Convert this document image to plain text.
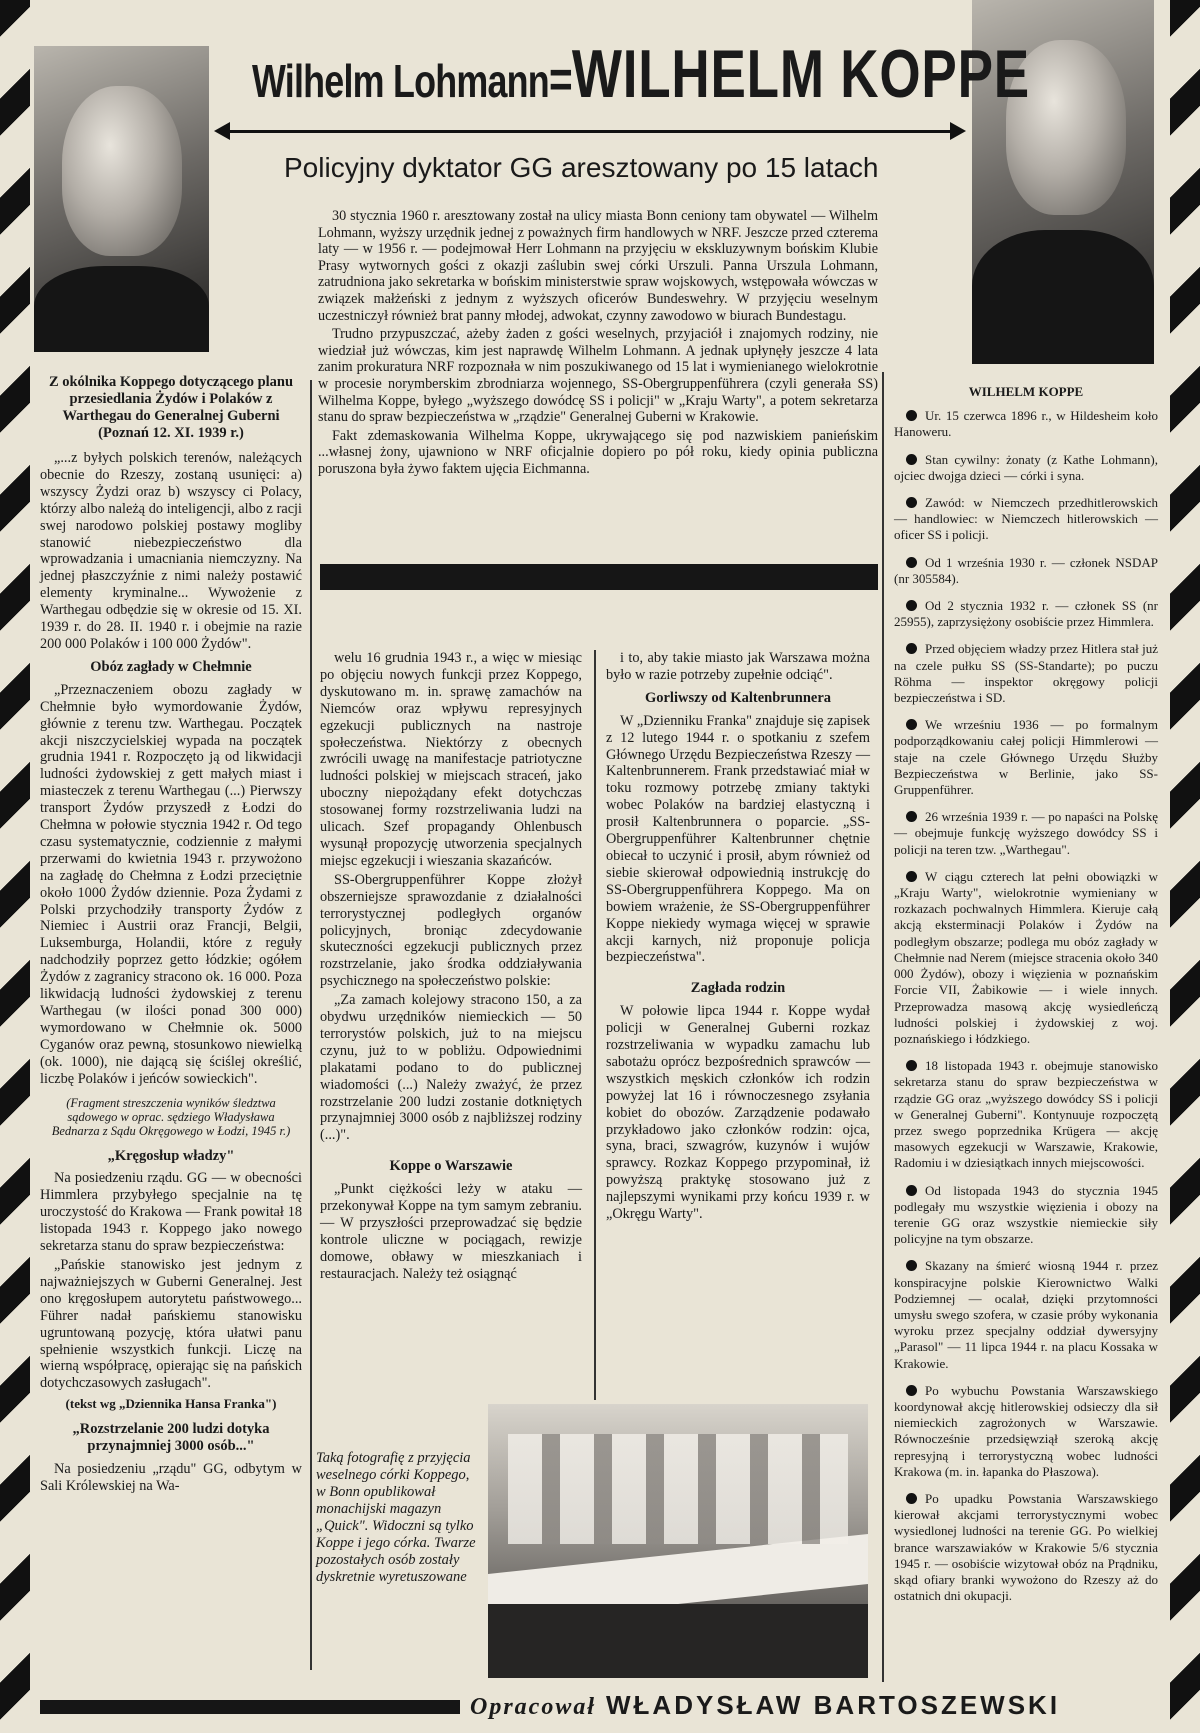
Wilhelm Lohmann=WILHELM KOPPE
Policyjny dyktator GG aresztowany po 15 latach

30 stycznia 1960 r. aresztowany został na ulicy miasta Bonn ceniony tam obywatel — Wilhelm Lohmann, wyższy urzędnik jednej z poważnych firm handlowych w NRF. Jeszcze przed czterema laty — w 1956 r. — podejmował Herr Lohmann na przyjęciu w ekskluzywnym bońskim Klubie Prasy wytwornych gości z okazji zaślubin swej córki Urszuli. Panna Urszula Lohmann, zatrudniona jako sekretarka w bońskim ministerstwie spraw wojskowych, wstępowała wówczas w związek małżeński z jednym z wyższych oficerów Bundeswehry. W przyjęciu weselnym uczestniczył również brat panny młodej, adwokat, czynny zawodowo w biurach Bundestagu.

Trudno przypuszczać, ażeby żaden z gości weselnych, przyjaciół i znajomych rodziny, nie wiedział już wówczas, kim jest naprawdę Wilhelm Lohmann. A jednak upłynęły jeszcze 4 lata zanim prokuratura NRF rozpoznała w nim poszukiwanego od 15 lat i wymienianego wielokrotnie w procesie norymberskim zbrodniarza wojennego, SS-Obergruppenführera (czyli generała SS) Wilhelma Koppe, byłego „wyższego dowódcę SS i policji" w „Kraju Warty", a potem sekretarza stanu do spraw bezpieczeństwa w „rządzie" Generalnej Guberni w Krakowie.

Fakt zdemaskowania Wilhelma Koppe, ukrywającego się pod nazwiskiem panieńskim ...własnej żony, ujawniono w NRF oficjalnie dopiero po pół roku, kiedy opinia publiczna poruszona była żywo faktem ujęcia Eichmanna.

Z okólnika Koppego dotyczącego planu przesiedlania Żydów i Polaków z Warthegau do Generalnej Guberni (Poznań 12. XI. 1939 r.)

„...z byłych polskich terenów, należących obecnie do Rzeszy, zostaną usunięci: a) wszyscy Żydzi oraz b) wszyscy ci Polacy, którzy albo należą do inteligencji, albo z racji swej narodowo polskiej postawy mogliby stanowić niebezpieczeństwo dla wprowadzania i umacniania niemczyzny. Na jednej płaszczyźnie z nimi należy postawić elementy kryminalne... Wywożenie z Warthegau odbędzie się w okresie od 15. XI. 1939 r. do 28. II. 1940 r. i obejmie na razie 200 000 Polaków i 100 000 Żydów".

Obóz zagłady w Chełmnie

„Przeznaczeniem obozu zagłady w Chełmnie było wymordowanie Żydów, głównie z terenu tzw. Warthegau. Początek akcji niszczycielskiej wypada na początek grudnia 1941 r. Rozpoczęto ją od likwidacji ludności żydowskiej z gett małych miast i miasteczek z terenu Warthegau (...) Pierwszy transport Żydów przyszedł z Łodzi do Chełmna w połowie stycznia 1942 r. Od tego czasu systematycznie, codziennie z małymi przerwami do kwietnia 1943 r. przywożono na zagładę do Chełmna z Łodzi przeciętnie około 1000 Żydów dziennie. Poza Żydami z Polski przychodziły transporty Żydów z Niemiec i Austrii oraz Francji, Belgii, Luksemburga, Holandii, które z reguły nadchodziły poprzez getto łódzkie; ogółem Żydów z zagranicy stracono ok. 16 000. Poza likwidacją ludności żydowskiej z terenu Warthegau (w ilości ponad 300 000) wymordowano w Chełmnie ok. 5000 Cyganów oraz pewną, stosunkowo niewielką (ok. 1000), nie dającą się ściślej określić, liczbę Polaków i jeńców sowieckich".

(Fragment streszczenia wyników śledztwa sądowego w oprac. sędziego Władysława Bednarza z Sądu Okręgowego w Łodzi, 1945 r.)

„Kręgosłup władzy"

Na posiedzeniu rządu. GG — w obecności Himmlera przybyłego specjalnie na tę uroczystość do Krakowa — Frank powitał 18 listopada 1943 r. Koppego jako nowego sekretarza stanu do spraw bezpieczeństwa:

„Pańskie stanowisko jest jednym z najważniejszych w Guberni Generalnej. Jest ono kręgosłupem autorytetu państwowego... Führer nadał pańskiemu stanowisku ugruntowaną pozycję, która ułatwi panu spełnienie wszystkich funkcji. Liczę na wierną współpracę, opierając się na pańskich dotychczasowych zasługach".

(tekst wg „Dziennika Hansa Franka")

„Rozstrzelanie 200 ludzi dotyka przynajmniej 3000 osób..."

Na posiedzeniu „rządu" GG, odbytym w Sali Królewskiej na Wa-

welu 16 grudnia 1943 r., a więc w miesiąc po objęciu nowych funkcji przez Koppego, dyskutowano m. in. sprawę zamachów na Niemców oraz wpływu represyjnych egzekucji publicznych na nastroje społeczeństwa. Niektórzy z obecnych zwrócili uwagę na manifestacje patriotyczne ludności polskiej w miejscach straceń, jako uboczny niepożądany efekt dotychczas stosowanej formy rozstrzeliwania ludzi na ulicach. Szef propagandy Ohlenbusch wysunął propozycję utworzenia specjalnych miejsc egzekucji i wieszania skazańców.

SS-Obergruppenführer Koppe złożył obszerniejsze sprawozdanie z działalności terrorystycznej podległych organów policyjnych, broniąc zdecydowanie skuteczności egzekucji publicznych przez rozstrzelanie, jako środka oddziaływania psychicznego na społeczeństwo polskie:

„Za zamach kolejowy stracono 150, a za obydwu urzędników niemieckich — 50 terrorystów polskich, już to na miejscu czynu, już to w pobliżu. Odpowiednimi plakatami podano to do publicznej wiadomości (...) Należy zważyć, że przez rozstrzelanie 200 ludzi zostanie dotkniętych przynajmniej 3000 osób z najbliższej rodziny (...)".

Koppe o Warszawie

„Punkt ciężkości leży w ataku — przekonywał Koppe na tym samym zebraniu. — W przyszłości przeprowadzać się będzie kontrole uliczne w pociągach, rewizje domowe, obławy w mieszkaniach i restauracjach. Należy też osiągnąć

i to, aby takie miasto jak Warszawa można było w razie potrzeby zupełnie odciąć".

Gorliwszy od Kaltenbrunnera

W „Dzienniku Franka" znajduje się zapisek z 12 lutego 1944 r. o spotkaniu z szefem Głównego Urzędu Bezpieczeństwa Rzeszy — Kaltenbrunnerem. Frank przedstawiać miał w toku rozmowy potrzebę zmiany taktyki wobec Polaków na bardziej elastyczną i prosił Kaltenbrunnera o poparcie. „SS-Obergruppenführer Kaltenbrunner chętnie obiecał to uczynić i prosił, abym również od siebie skierował odpowiednią instrukcję do SS-Obergruppenführera Koppego. Ma on bowiem wrażenie, że SS-Obergruppenführer Koppe niekiedy wymaga więcej w sprawie akcji karnych, niż proponuje policja bezpieczeństwa".

Zagłada rodzin

W połowie lipca 1944 r. Koppe wydał policji w Generalnej Guberni rozkaz rozstrzeliwania w wypadku zamachu lub sabotażu oprócz bezpośrednich sprawców — wszystkich męskich członków ich rodzin powyżej lat 16 i równoczesnego zsyłania kobiet do obozów. Zarządzenie podawało przykładowo jako członków rodzin: ojca, syna, braci, szwagrów, kuzynów i wujów sprawcy. Rozkaz Koppego przypominał, iż powyższą praktykę stosowano już z najlepszymi wynikami przy końcu 1939 r. w „Okręgu Warty".

Taką fotografię z przyjęcia weselnego córki Koppego, w Bonn opublikował monachijski magazyn „Quick". Widoczni są tylko Koppe i jego córka. Twarze pozostałych osób zostały dyskretnie wyretuszowane
WILHELM KOPPE

Ur. 15 czerwca 1896 r., w Hildesheim koło Hanoweru.

Stan cywilny: żonaty (z Kathe Lohmann), ojciec dwojga dzieci — córki i syna.

Zawód: w Niemczech przedhitlerowskich — handlowiec: w Niemczech hitlerowskich — oficer SS i policji.

Od 1 września 1930 r. — członek NSDAP (nr 305584).

Od 2 stycznia 1932 r. — członek SS (nr 25955), zaprzysiężony osobiście przez Himmlera.

Przed objęciem władzy przez Hitlera stał już na czele pułku SS (SS-Standarte); po puczu Röhma — inspektor okręgowy policji bezpieczeństwa i SD.

We wrześniu 1936 — po formalnym podporządkowaniu całej policji Himmlerowi — staje na czele Głównego Urzędu Służby Bezpieczeństwa w Berlinie, jako SS-Gruppenführer.

26 września 1939 r. — po napaści na Polskę — obejmuje funkcję wyższego dowódcy SS i policji na teren tzw. „Warthegau".

W ciągu czterech lat pełni obowiązki w „Kraju Warty", wielokrotnie wymieniany w rozkazach pochwalnych Himmlera. Kieruje całą akcją eksterminacji Polaków i Żydów na podległym obszarze; podlega mu obóz zagłady w Chełmnie nad Nerem (miejsce stracenia około 340 000 Żydów), obozy i więzienia w poznańskim Forcie VII, Żabikowie — i wiele innych. Przeprowadza masową akcję wysiedleńczą ludności polskiej i żydowskiej z woj. poznańskiego i łódzkiego.

18 listopada 1943 r. obejmuje stanowisko sekretarza stanu do spraw bezpieczeństwa w rządzie GG oraz „wyższego dowódcy SS i policji w Generalnej Guberni". Kontynuuje rozpoczętą przez swego poprzednika Krügera — akcję masowych egzekucji w Warszawie, Krakowie, Radomiu i w dziesiątkach innych miejscowości.

Od listopada 1943 do stycznia 1945 podlegały mu wszystkie więzienia i obozy na terenie GG oraz wszystkie niemieckie siły policyjne na tym obszarze.

Skazany na śmierć wiosną 1944 r. przez konspiracyjne polskie Kierownictwo Walki Podziemnej — ocalał, dzięki przytomności umysłu swego szofera, w czasie próby wykonania wyroku przez specjalny oddział dywersyjny „Parasol" — 11 lipca 1944 r. na placu Kossaka w Krakowie.

Po wybuchu Powstania Warszawskiego koordynował akcję hitlerowskiej odsieczy dla sił niemieckich zagrożonych w Warszawie. Równocześnie przedsięwziął szeroką akcję represyjną i terrorystyczną wobec ludności Krakowa (m. in. łapanka do Płaszowa).

Po upadku Powstania Warszawskiego kierował akcjami terrorystycznymi wobec wysiedlonej ludności na terenie GG. Po wielkiej brance warszawiaków w Krakowie 5/6 stycznia 1945 r. — osobiście wizytował obóz na Prądniku, skąd ofiary branki wywożono do Rzeszy aż do ostatnich dni okupacji.

Opracował WŁADYSŁAW BARTOSZEWSKI
